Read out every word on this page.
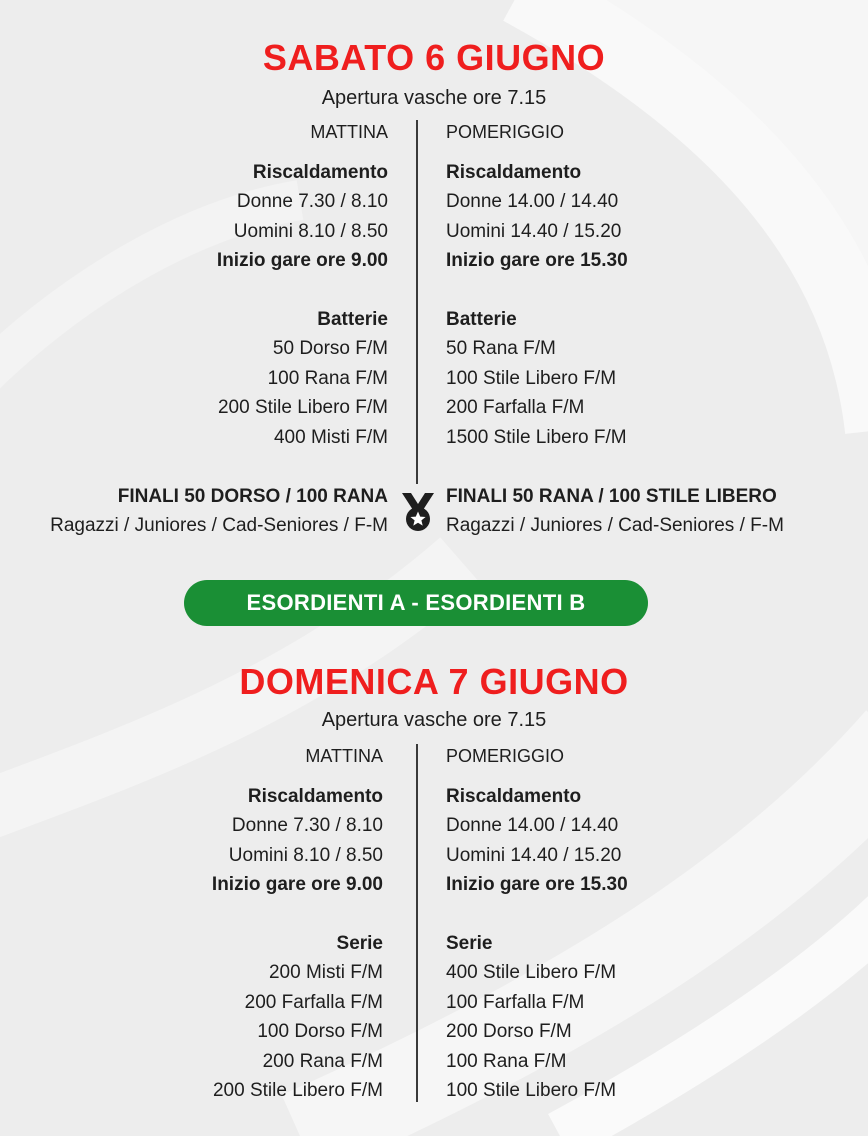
SABATO 6 GIUGNO
Apertura vasche ore 7.15
MATTINA
Riscaldamento
Donne 7.30 / 8.10
Uomini 8.10 / 8.50
Inizio gare ore 9.00
Batterie
50 Dorso F/M
100 Rana F/M
200 Stile Libero F/M
400 Misti F/M
POMERIGGIO
Riscaldamento
Donne 14.00 / 14.40
Uomini 14.40 / 15.20
Inizio gare ore 15.30
Batterie
50 Rana F/M
100 Stile Libero F/M
200 Farfalla F/M
1500 Stile Libero F/M
FINALI 50 DORSO / 100 RANA
Ragazzi / Juniores / Cad-Seniores / F-M
FINALI 50 RANA / 100 STILE LIBERO
Ragazzi / Juniores / Cad-Seniores / F-M
ESORDIENTI A - ESORDIENTI B
DOMENICA 7 GIUGNO
Apertura vasche ore 7.15
MATTINA
Riscaldamento
Donne 7.30 / 8.10
Uomini 8.10 / 8.50
Inizio gare ore 9.00
Serie
200 Misti F/M
200 Farfalla F/M
100 Dorso F/M
200 Rana F/M
200 Stile Libero F/M
POMERIGGIO
Riscaldamento
Donne 14.00 / 14.40
Uomini 14.40 / 15.20
Inizio gare ore 15.30
Serie
400 Stile Libero F/M
100 Farfalla F/M
200 Dorso F/M
100 Rana F/M
100 Stile Libero F/M
